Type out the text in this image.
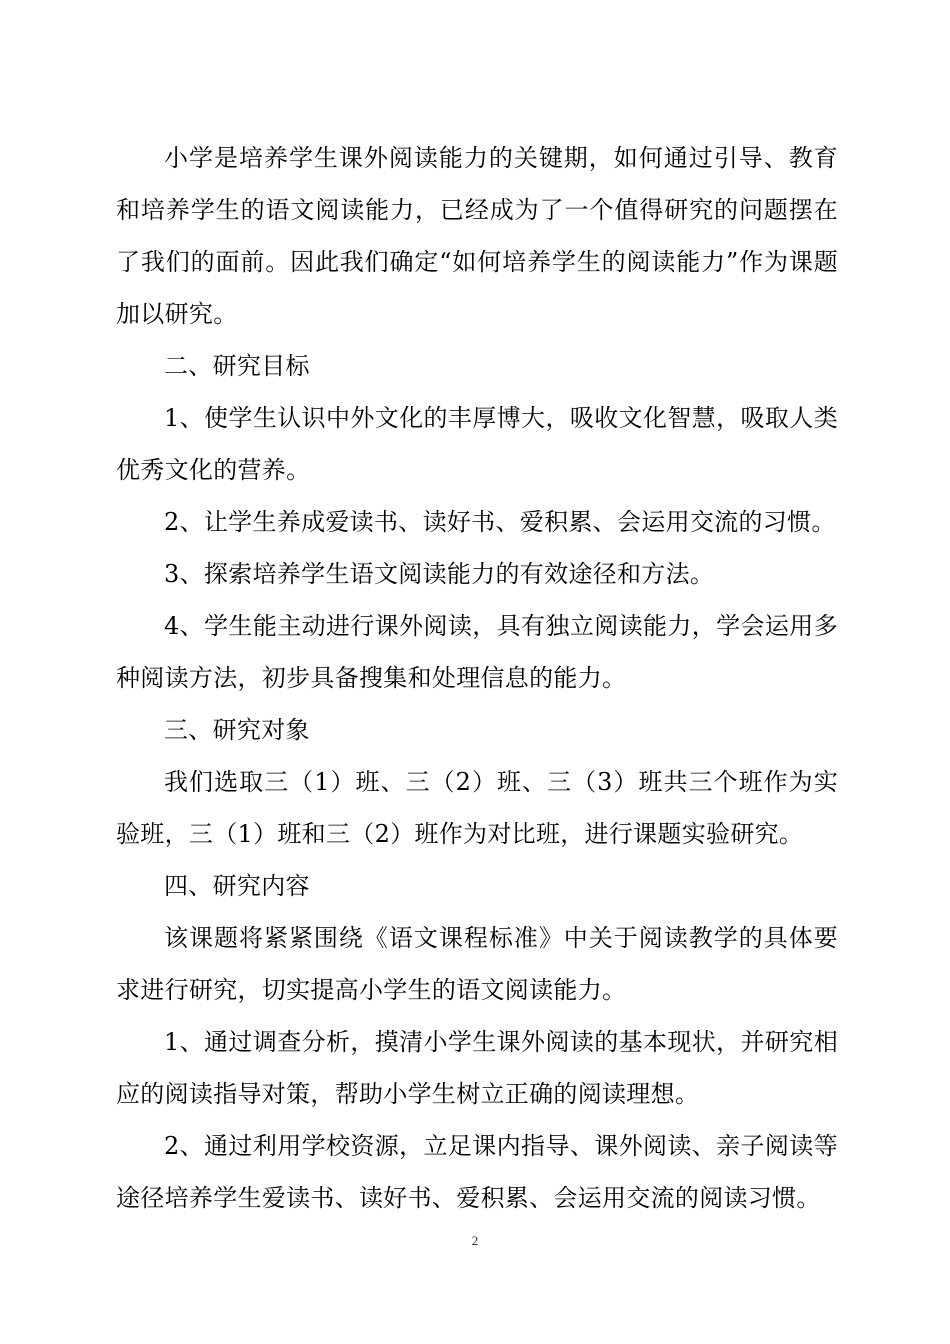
小学是培养学生课外阅读能力的关键期，如何通过引导、教育和培养学生的语文阅读能力，已经成为了一个值得研究的问题摆在了我们的面前。因此我们确定“如何培养学生的阅读能力”作为课题加以研究。

二、研究目标

1、使学生认识中外文化的丰厚博大，吸收文化智慧，吸取人类优秀文化的营养。

2、让学生养成爱读书、读好书、爱积累、会运用交流的习惯。

3、探索培养学生语文阅读能力的有效途径和方法。

4、学生能主动进行课外阅读，具有独立阅读能力，学会运用多种阅读方法，初步具备搜集和处理信息的能力。

三、研究对象

我们选取三（1）班、三（2）班、三（3）班共三个班作为实验班，三（1）班和三（2）班作为对比班，进行课题实验研究。

四、研究内容

该课题将紧紧围绕《语文课程标准》中关于阅读教学的具体要求进行研究，切实提高小学生的语文阅读能力。

1、通过调查分析，摸清小学生课外阅读的基本现状，并研究相应的阅读指导对策，帮助小学生树立正确的阅读理想。

2、通过利用学校资源，立足课内指导、课外阅读、亲子阅读等途径培养学生爱读书、读好书、爱积累、会运用交流的阅读习惯。

2
